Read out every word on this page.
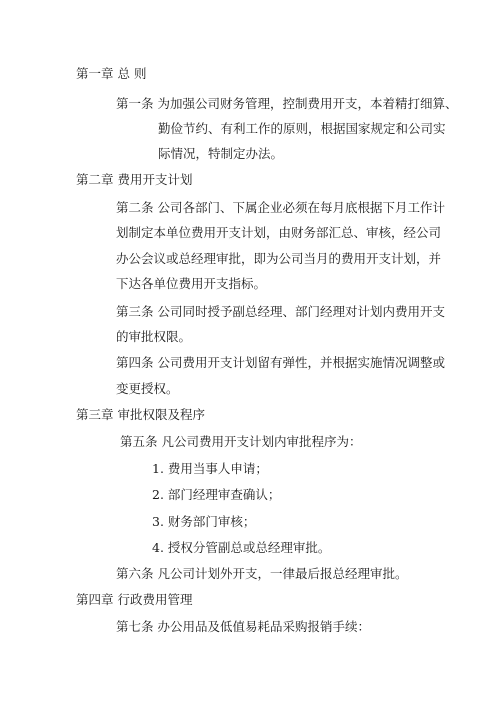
第一章 总 则
第一条 为加强公司财务管理，控制费用开支，本着精打细算、
勤俭节约、有利工作的原则，根据国家规定和公司实
际情况，特制定办法。
第二章 费用开支计划
第二条 公司各部门、下属企业必须在每月底根据下月工作计
划制定本单位费用开支计划，由财务部汇总、审核，经公司
办公会议或总经理审批，即为公司当月的费用开支计划，并
下达各单位费用开支指标。
第三条 公司同时授予副总经理、部门经理对计划内费用开支
的审批权限。
第四条 公司费用开支计划留有弹性，并根据实施情况调整或
变更授权。
第三章 审批权限及程序
第五条 凡公司费用开支计划内审批程序为：
1. 费用当事人申请；
2. 部门经理审查确认；
3. 财务部门审核；
4. 授权分管副总或总经理审批。
第六条 凡公司计划外开支，一律最后报总经理审批。
第四章 行政费用管理
第七条 办公用品及低值易耗品采购报销手续：
